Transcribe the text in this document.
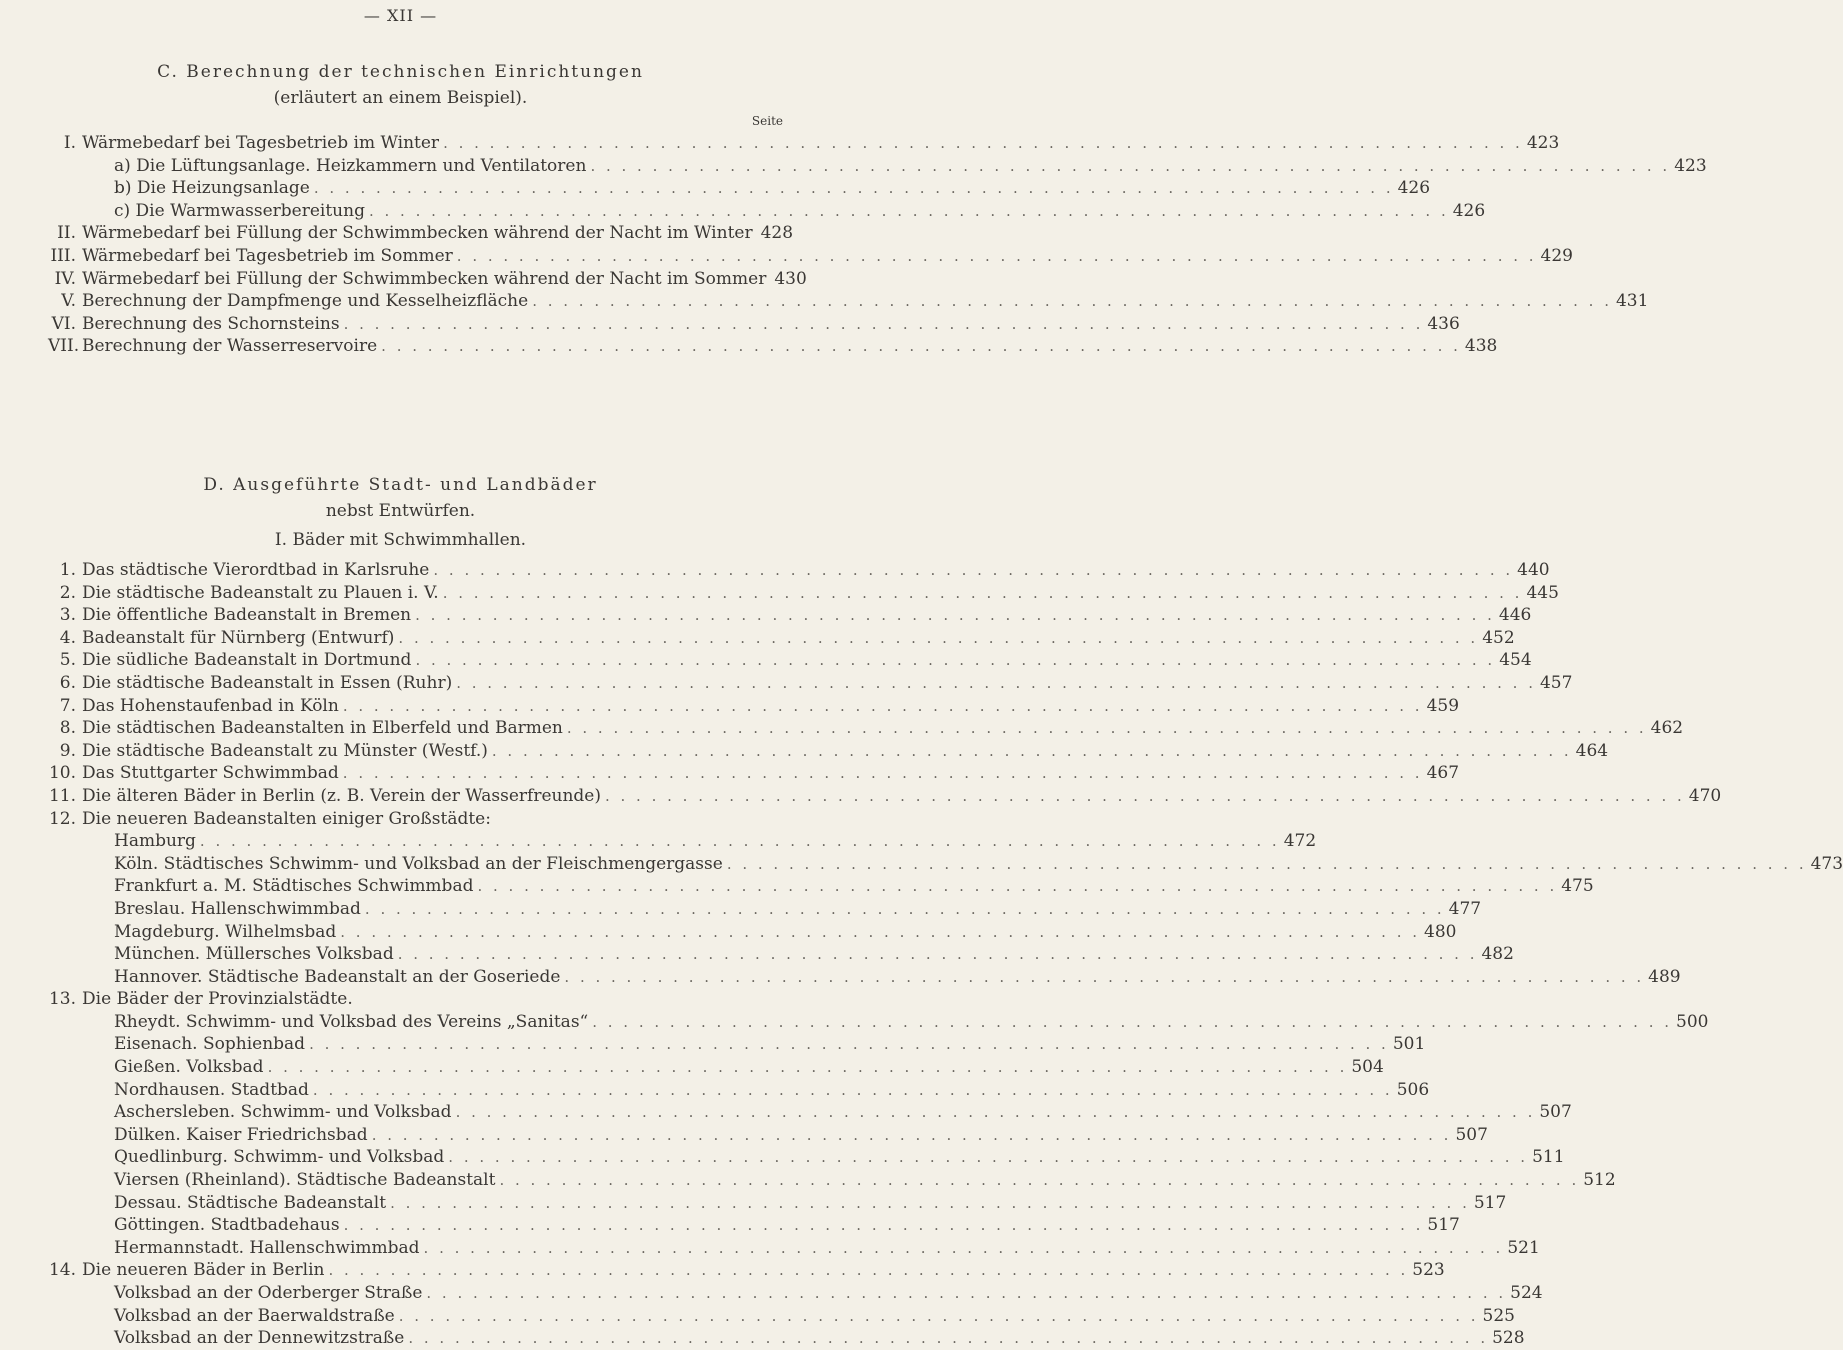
— XII —
C. Berechnung der technischen Einrichtungen
(erläutert an einem Beispiel).
Seite
I. Wärmebedarf bei Tagesbetrieb im Winter . . .	423
a) Die Lüftungsanlage. Heizkammern und Ventilatoren . . .	423
b) Die Heizungsanlage . . .	426
c) Die Warmwasserbereitung . . .	426
II. Wärmebedarf bei Füllung der Schwimmbecken während der Nacht im Winter 428
III. Wärmebedarf bei Tagesbetrieb im Sommer . . .	429
IV. Wärmebedarf bei Füllung der Schwimmbecken während der Nacht im Sommer 430
V. Berechnung der Dampfmenge und Kesselheizfläche . . .	431
VI. Berechnung des Schornsteins . . .	436
VII. Berechnung der Wasserreservoire . . .	438
D. Ausgeführte Stadt- und Landbäder
nebst Entwürfen.
I. Bäder mit Schwimmhallen.
1. Das städtische Vierordtbad in Karlsruhe . . .	440
2. Die städtische Badeanstalt zu Plauen i. V. . . .	445
3. Die öffentliche Badeanstalt in Bremen . . .	446
4. Badeanstalt für Nürnberg (Entwurf) . . .	452
5. Die südliche Badeanstalt in Dortmund . . .	454
6. Die städtische Badeanstalt in Essen (Ruhr) . . .	457
7. Das Hohenstaufenbad in Köln . . .	459
8. Die städtischen Badeanstalten in Elberfeld und Barmen . . .	462
9. Die städtische Badeanstalt zu Münster (Westf.) . . .	464
10. Das Stuttgarter Schwimmbad . . .	467
11. Die älteren Bäder in Berlin (z. B. Verein der Wasserfreunde) . . .	470
12. Die neueren Badeanstalten einiger Großstädte:
Hamburg . . .	472
Köln. Städtisches Schwimm- und Volksbad an der Fleischmengergasse . . .	473
Frankfurt a. M. Städtisches Schwimmbad . . .	475
Breslau. Hallenschwimmbad . . .	477
Magdeburg. Wilhelmsbad . . .	480
München. Müllersches Volksbad . . .	482
Hannover. Städtische Badeanstalt an der Goseriede . . .	489
13. Die Bäder der Provinzialstädte.
Rheydt. Schwimm- und Volksbad des Vereins „Sanitas“ . . .	500
Eisenach. Sophienbad . . .	501
Gießen. Volksbad . . .	504
Nordhausen. Stadtbad . . .	506
Aschersleben. Schwimm- und Volksbad . . .	507
Dülken. Kaiser Friedrichsbad . . .	507
Quedlinburg. Schwimm- und Volksbad . . .	511
Viersen (Rheinland). Städtische Badeanstalt . . .	512
Dessau. Städtische Badeanstalt . . .	517
Göttingen. Stadtbadehaus . . .	517
Hermannstadt. Hallenschwimmbad . . .	521
14. Die neueren Bäder in Berlin . . .	523
Volksbad an der Oderberger Straße . . .	524
Volksbad an der Baerwaldstraße . . .	525
Volksbad an der Dennewitzstraße . . .	528
